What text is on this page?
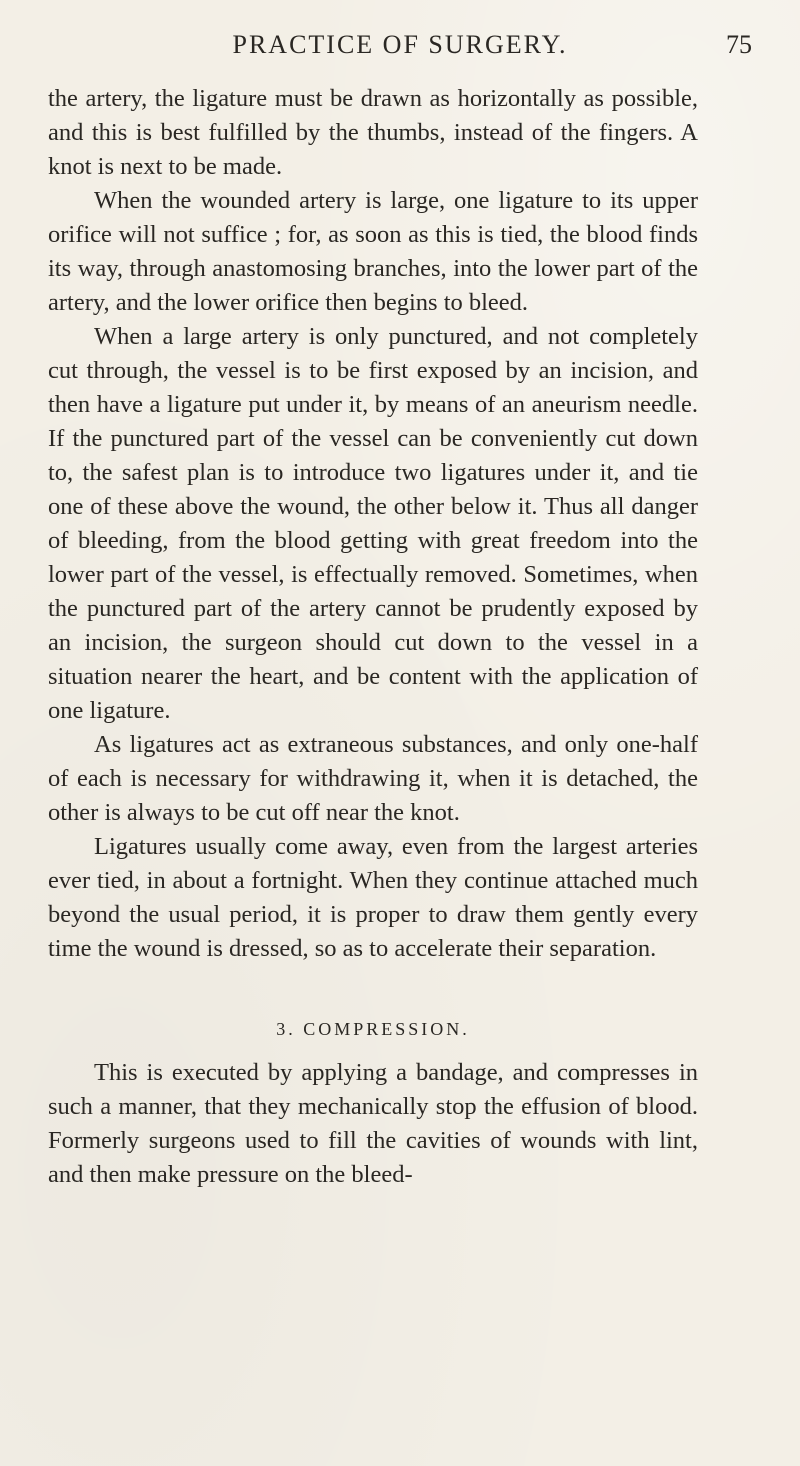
PRACTICE OF SURGERY.	75

the artery, the ligature must be drawn as horizontally as possible, and this is best fulfilled by the thumbs, instead of the fingers. A knot is next to be made.

When the wounded artery is large, one ligature to its upper orifice will not suffice ; for, as soon as this is tied, the blood finds its way, through anastomosing branches, into the lower part of the artery, and the lower orifice then begins to bleed.

When a large artery is only punctured, and not completely cut through, the vessel is to be first exposed by an incision, and then have a ligature put under it, by means of an aneurism needle. If the punctured part of the vessel can be conveniently cut down to, the safest plan is to introduce two ligatures under it, and tie one of these above the wound, the other below it. Thus all danger of bleeding, from the blood getting with great freedom into the lower part of the vessel, is effectually removed. Sometimes, when the punctured part of the artery cannot be prudently exposed by an incision, the surgeon should cut down to the vessel in a situation nearer the heart, and be content with the application of one ligature.

As ligatures act as extraneous substances, and only one-half of each is necessary for withdrawing it, when it is detached, the other is always to be cut off near the knot.

Ligatures usually come away, even from the largest arteries ever tied, in about a fortnight. When they continue attached much beyond the usual period, it is proper to draw them gently every time the wound is dressed, so as to accelerate their separation.

3. COMPRESSION.

This is executed by applying a bandage, and compresses in such a manner, that they mechanically stop the effusion of blood. Formerly surgeons used to fill the cavities of wounds with lint, and then make pressure on the bleed-
